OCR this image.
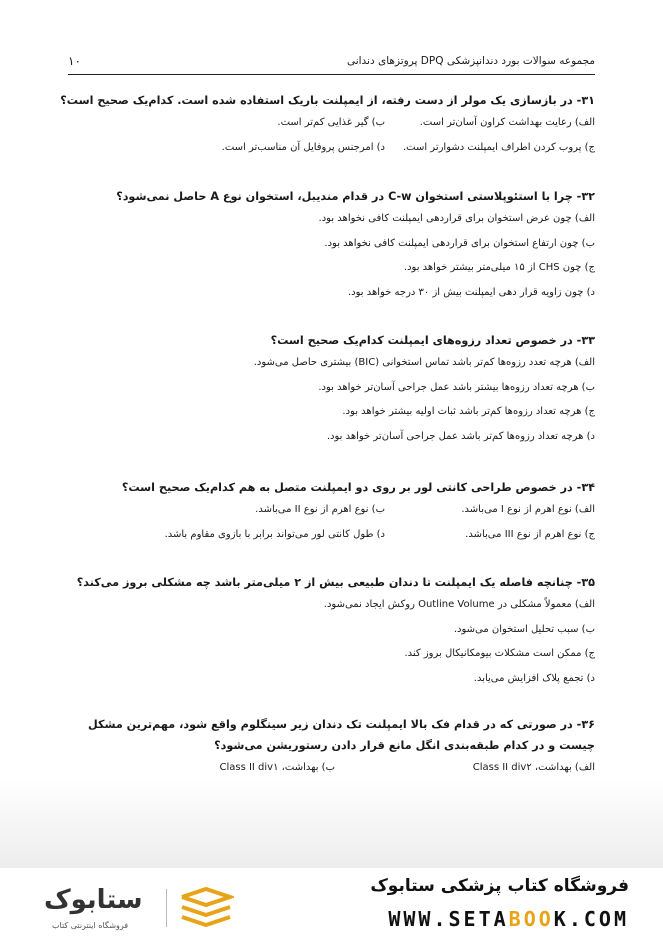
۱۰	مجموعه سوالات بورد دندانپزشکی DPQ پروتزهای دندانی
۳۱- در بازسازی یک مولر از دست رفته، از ایمپلنت باریک استفاده شده است. کدام‌یک صحیح است؟
الف) رعایت بهداشت کراون آسان‌تر است.
ب) گیر غذایی کم‌تر است.
ج) پروب کردن اطراف ایمپلنت دشوارتر است.
د) امرجنس پروفایل آن مناسب‌تر است.
۳۲- چرا با استئوپلاستی استخوان C-w در قدام منديبل، استخوان نوع A حاصل نمی‌شود؟
الف) چون عرض استخوان برای قراردهی ایمپلنت کافی نخواهد بود.
ب) چون ارتفاع استخوان برای قراردهی ایمپلنت کافی نخواهد بود.
ج) چون CHS از ۱۵ میلی‌متر بیشتر خواهد بود.
د) چون زاویه قرار دهی ایمپلنت بیش از ۳۰ درجه خواهد بود.
۳۳- در خصوص تعداد رزوه‌های ایمپلنت کدام‌یک صحیح است؟
الف) هرچه تعدد رزوه‌ها کم‌تر باشد تماس استخوانی (BIC) بیشتری حاصل می‌شود.
ب) هرچه تعداد رزوه‌ها بیشتر باشد عمل جراحی آسان‌تر خواهد بود.
ج) هرچه تعداد رزوه‌ها کم‌تر باشد ثبات اولیه بیشتر خواهد بود.
د) هرچه تعداد رزوه‌ها کم‌تر باشد عمل جراحی آسان‌تر خواهد بود.
۳۴- در خصوص طراحی کانتی لور بر روی دو ایمپلنت متصل به هم کدام‌یک صحیح است؟
الف) نوع اهرم از نوع I می‌باشد.
ب) نوع اهرم از نوع II می‌باشد.
ج) نوع اهرم از نوع III می‌باشد.
د) طول کانتی لور می‌تواند برابر با بازوی مقاوم باشد.
۳۵- چنانچه فاصله یک ایمپلنت تا دندان طبیعی بیش از ۲ میلی‌متر باشد چه مشکلی بروز می‌کند؟
الف) معمولاً مشکلی در Outline Volume روکش ایجاد نمی‌شود.
ب) سبب تحلیل استخوان می‌شود.
ج) ممکن است مشکلات بیومکانیکال بروز کند.
د) تجمع پلاک افزایش می‌یابد.
۳۶- در صورتی که در قدام فک بالا ایمپلنت تک دندان زیر سینگلوم واقع شود، مهم‌ترین مشکل چیست و در کدام طبقه‌بندی انگل مانع قرار دادن رستوریشن می‌شود؟
الف) بهداشت، Class II div۲
ب) بهداشت، Class II div۱
ستابوک
فروشگاه اینترنتی کتاب
فروشگاه کتاب پزشکی ستابوک
WWW.SETABOOK.COM
